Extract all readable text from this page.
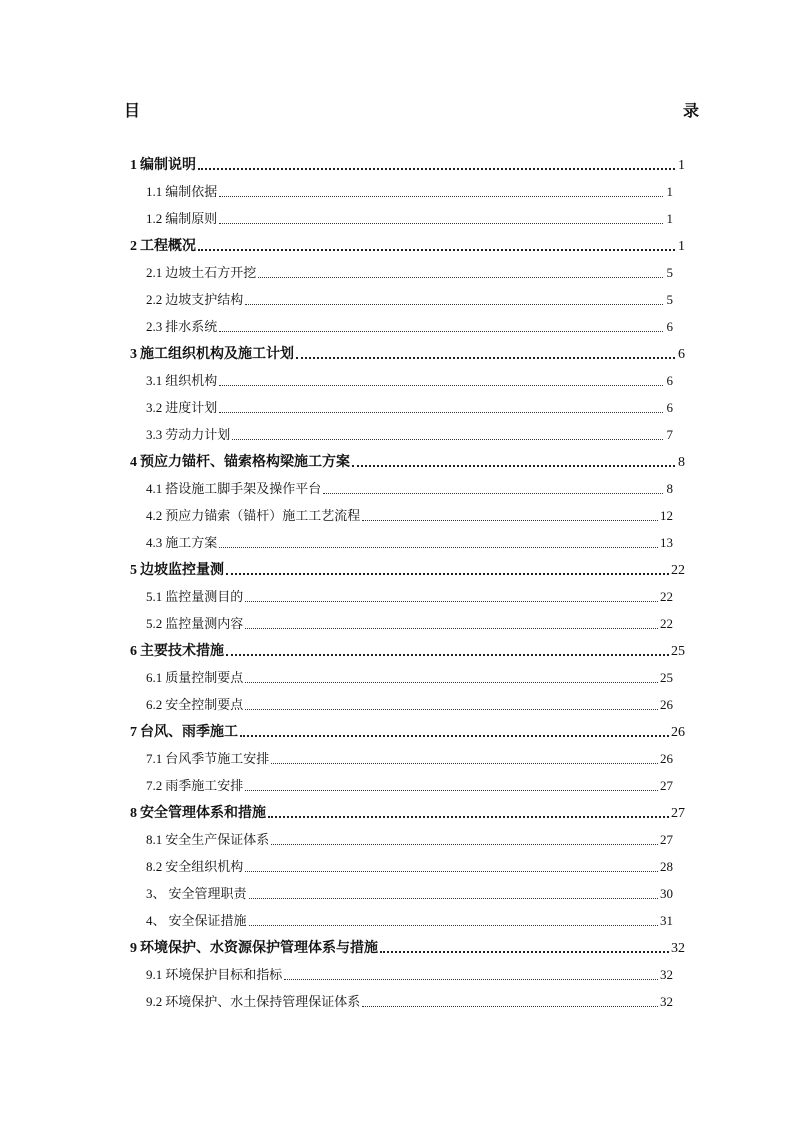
目	录
1 编制说明	1
1.1 编制依据	1
1.2 编制原则	1
2 工程概况	1
2.1 边坡土石方开挖	5
2.2 边坡支护结构	5
2.3 排水系统	6
3 施工组织机构及施工计划	6
3.1 组织机构	6
3.2 进度计划	6
3.3 劳动力计划	7
4 预应力锚杆、锚索格构梁施工方案	8
4.1 搭设施工脚手架及操作平台	8
4.2 预应力锚索（锚杆）施工工艺流程	12
4.3 施工方案	13
5 边坡监控量测	22
5.1 监控量测目的	22
5.2 监控量测内容	22
6 主要技术措施	25
6.1 质量控制要点	25
6.2 安全控制要点	26
7 台风、雨季施工	26
7.1 台风季节施工安排	26
7.2 雨季施工安排	27
8 安全管理体系和措施	27
8.1 安全生产保证体系	27
8.2 安全组织机构	28
3、 安全管理职责	30
4、 安全保证措施	31
9 环境保护、水资源保护管理体系与措施	32
9.1 环境保护目标和指标	32
9.2 环境保护、水土保持管理保证体系	32
